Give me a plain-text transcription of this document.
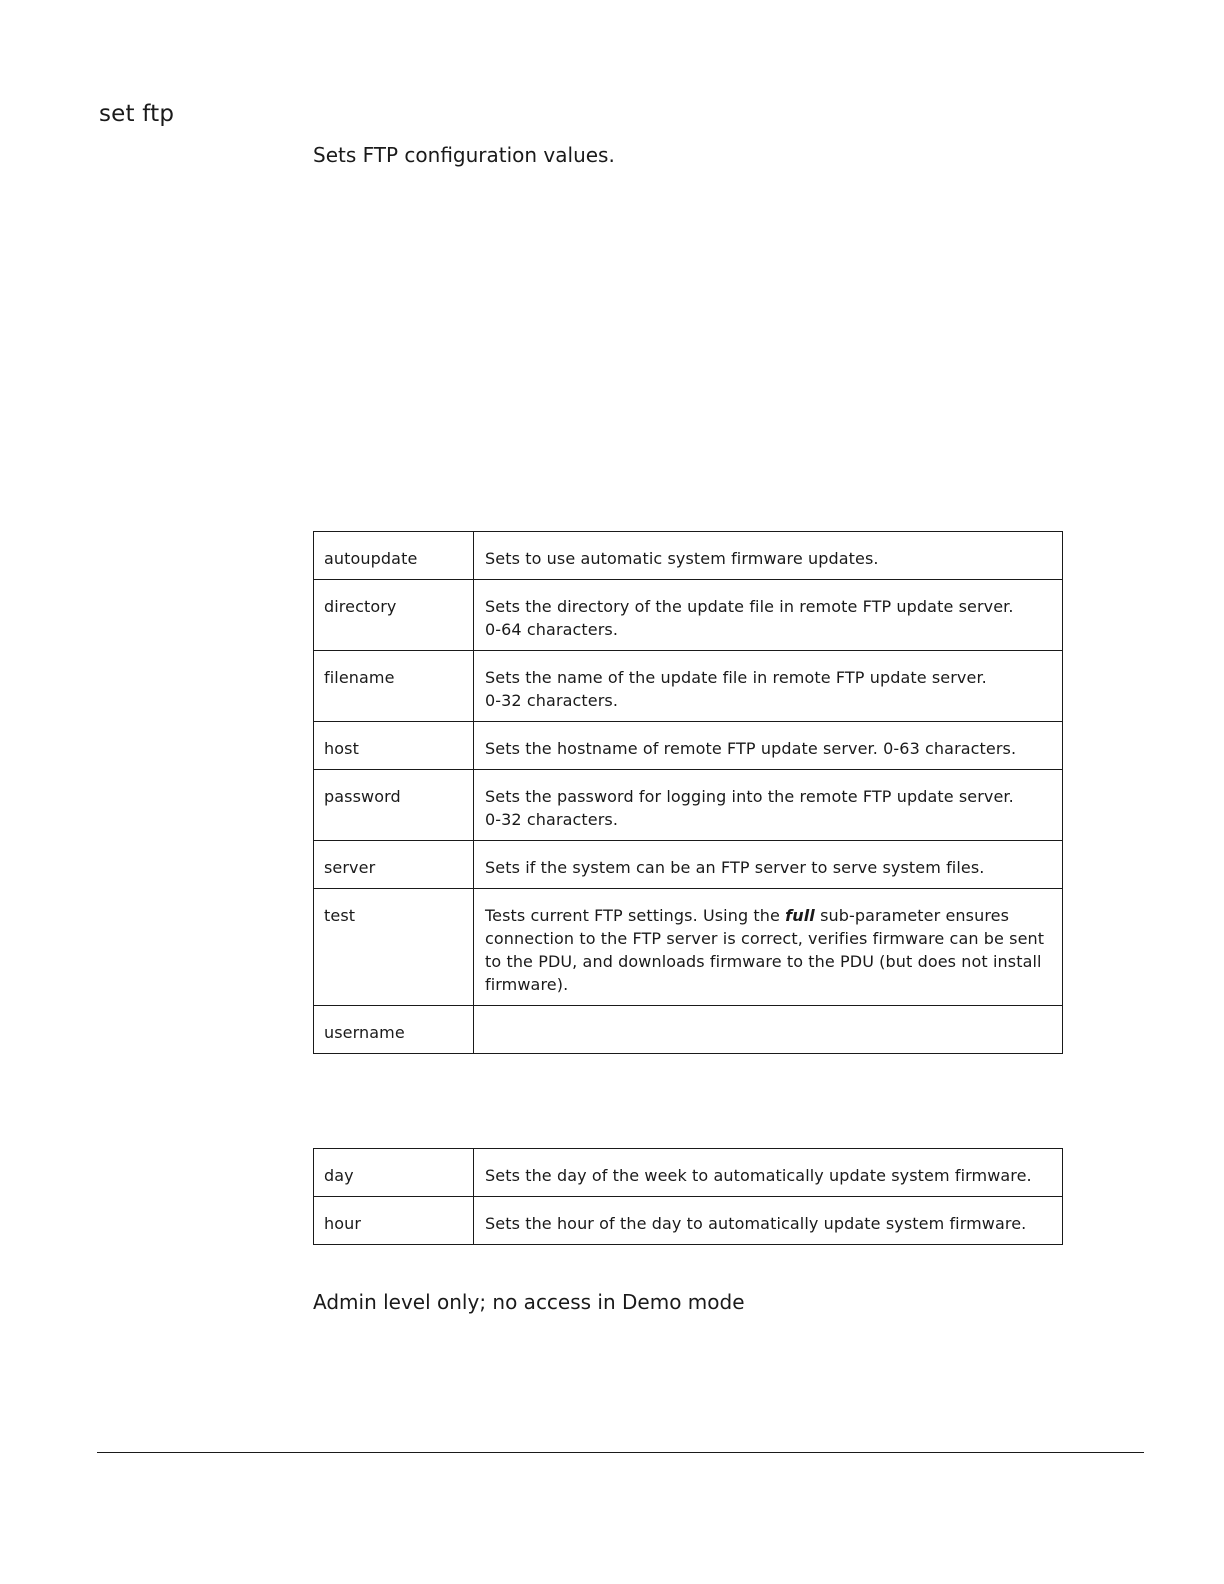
set ftp

Sets FTP configuration values.

autoupdate	Sets to use automatic system firmware updates.

directory	Sets the directory of the update file in remote FTP update server.
0-64 characters.

filename	Sets the name of the update file in remote FTP update server.
0-32 characters.

host	Sets the hostname of remote FTP update server. 0-63 characters.

password	Sets the password for logging into the remote FTP update server.
0-32 characters.

server	Sets if the system can be an FTP server to serve system files.

test	Tests current FTP settings. Using the full sub-parameter ensures connection to the FTP server is correct, verifies firmware can be sent to the PDU, and downloads firmware to the PDU (but does not install firmware).
username	
day	Sets the day of the week to automatically update system firmware.

hour	Sets the hour of the day to automatically update system firmware.

Admin level only; no access in Demo mode
